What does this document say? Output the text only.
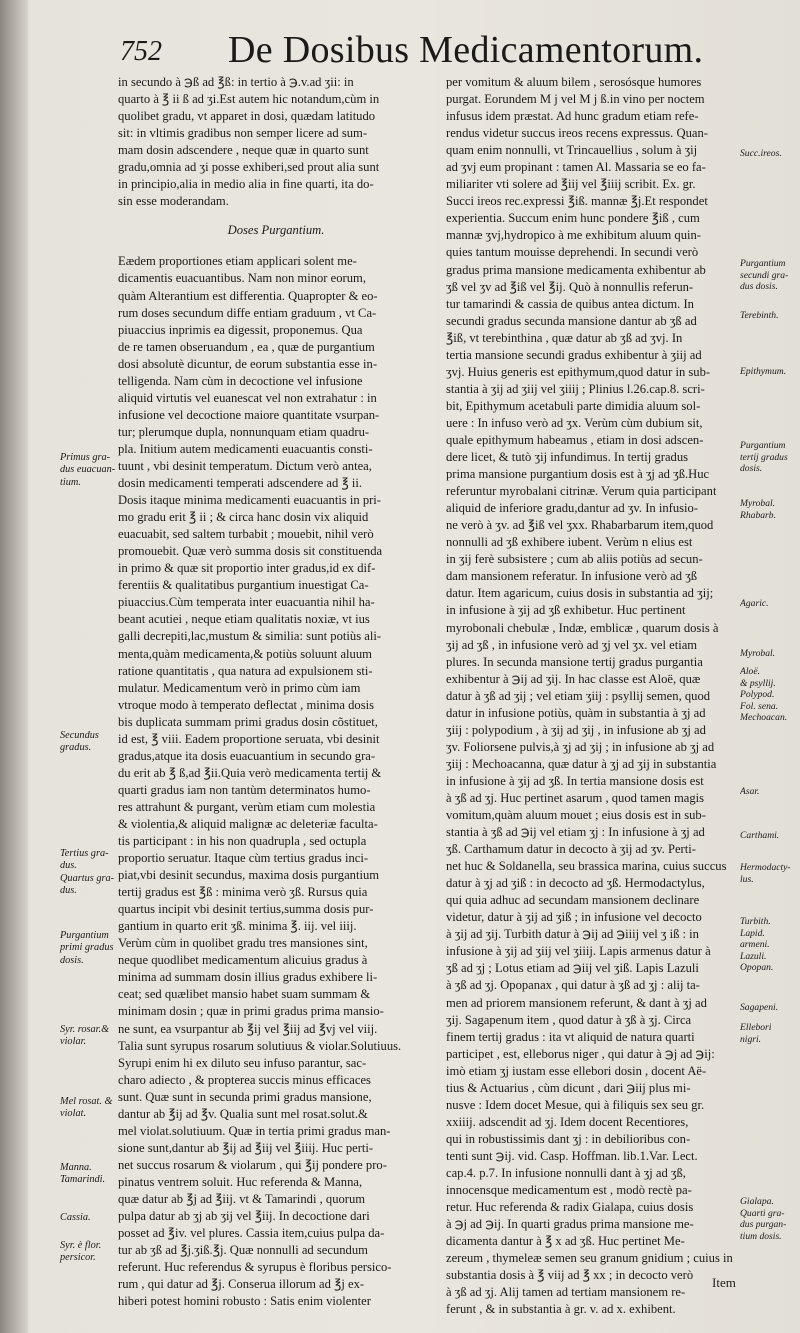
752 De Dosibus Medicamentorum.
in secundo à ℈ß ad ℥ß: in tertio à ℈.v.ad ʒii: in
quarto à ℥ ii ß ad ʒi.Est autem hic notandum,cùm in
quolibet gradu, vt apparet in dosi, quædam latitudo
sit: in vltimis gradibus non semper licere ad sum-
mam dosin adscendere , neque quæ in quarto sunt
gradu,omnia ad ʒi posse exhiberi,sed prout alia sunt
in principio,alia in medio alia in fine quarti, ita do-
sin esse moderandam.

Doses Purgantium.

Eædem proportiones etiam applicari solent me-
dicamentis euacuantibus. Nam non minor eorum,
quàm Alterantium est differentia. Quapropter & eo-
rum doses secundum diffe entiam graduum , vt Ca-
piuaccius inprimis ea digessit, proponemus. Qua
de re tamen obseruandum , ea , quæ de purgantium
dosi absolutè dicuntur, de eorum substantia esse in-
telligenda. Nam cùm in decoctione vel infusione
aliquid virtutis vel euanescat vel non extrahatur : in
infusione vel decoctione maiore quantitate vsurpan-
tur; plerumque dupla, nonnunquam etiam quadru-
pla. Initium autem medicamenti euacuantis consti-
tuunt , vbi desinit temperatum. Dictum verò antea,
dosin medicamenti temperati adscendere ad ℥ ii.
Dosis itaque minima medicamenti euacuantis in pri-
mo gradu erit ℥ ii ; & circa hanc dosin vix aliquid
euacuabit, sed saltem turbabit ; mouebit, nihil verò
promouebit. Quæ verò summa dosis sit constituenda
in primo & quæ sit proportio inter gradus,id ex dif-
ferentiis & qualitatibus purgantium inuestigat Ca-
piuaccius.Cùm temperata inter euacuantia nihil ha-
beant acutiei , neque etiam qualitatis noxiæ, vt ius
galli decrepiti,lac,mustum & similia: sunt potiùs ali-
menta,quàm medicamenta,& potiùs soluunt aluum
ratione quantitatis , qua natura ad expulsionem sti-
mulatur. Medicamentum verò in primo cùm iam
vtroque modo à temperato deflectat , minima dosis
bis duplicata summam primi gradus dosin cõstituet,
id est, ℥ viii. Eadem proportione seruata, vbi desinit
gradus,atque ita dosis euacuantium in secundo gra-
du erit ab ℥ ß,ad ℥ii.Quia verò medicamenta tertij &
quarti gradus iam non tantùm determinatos humo-
res attrahunt & purgant, verùm etiam cum molestia
& violentia,& aliquid malignæ ac deleteriæ faculta-
tis participant : in his non quadrupla , sed octupla
proportio seruatur. Itaque cùm tertius gradus inci-
piat,vbi desinit secundus, maxima dosis purgantium
tertij gradus est ℥ß : minima verò ʒß. Rursus quia
quartus incipit vbi desinit tertius,summa dosis pur-
gantium in quarto erit ʒß. minima ℥. iij. vel iiij.
Verùm cùm in quolibet gradu tres mansiones sint,
neque quodlibet medicamentum alicuius gradus à
minima ad summam dosin illius gradus exhibere li-
ceat; sed quælibet mansio habet suam summam &
minimam dosin ; quæ in primi gradus prima mansio-
ne sunt, ea vsurpantur ab ℥ij vel ℥iij ad ℥vj vel viij.
Talia sunt syrupus rosarum solutiuus & violar.Solutiuus.
Syrupi enim hi ex diluto seu infuso parantur, sac-
charo adiecto , & propterea succis minus efficaces
sunt. Quæ sunt in secunda primi gradus mansione,
dantur ab ℥ij ad ℥v. Qualia sunt mel rosat.solut.&
mel violat.solutiuum. Quæ in tertia primi gradus man-
sione sunt,dantur ab ℥ij ad ℥iij vel ℥iiij. Huc perti-
net succus rosarum & violarum , qui ℥ij pondere pro-
pinatus ventrem soluit. Huc referenda & Manna,
quæ datur ab ℥j ad ℥iij. vt & Tamarindi , quorum
pulpa datur ab ʒj ab ʒij vel ℥iij. In decoctione dari
posset ad ℥iv. vel plures. Cassia item,cuius pulpa da-
tur ab ʒß ad ℥j.ʒiß.℥j. Quæ nonnulli ad secundum
referunt. Huc referendus & syrupus è floribus persico-
rum , qui datur ad ℥j. Conserua illorum ad ℥j ex-
hiberi potest homini robusto : Satis enim violenter
per vomitum & aluum bilem , serosósque humores
purgat. Eorundem M j vel M j ß.in vino per noctem
infusus idem præstat. Ad hunc gradum etiam refe-
rendus videtur succus ireos recens expressus. Quan-
quam enim nonnulli, vt Trincauellius , solum à ʒij
ad ʒvj eum propinant : tamen Al. Massaria se eo fa-
miliariter vti solere ad ℥iij vel ℥iiij scribit. Ex. gr.
Succi ireos rec.expressi ℥iß. mannæ ℥j.Et respondet
experientia. Succum enim hunc pondere ℥iß , cum
mannæ ʒvj,hydropico à me exhibitum aluum quin-
quies tantum mouisse deprehendi. In secundi verò
gradus prima mansione medicamenta exhibentur ab
ʒß vel ʒv ad ℥iß vel ℥ij. Quò à nonnullis referun-
tur tamarindi & cassia de quibus antea dictum. In
secundi gradus secunda mansione dantur ab ʒß ad
℥iß, vt terebinthina , quæ datur ab ʒß ad ʒvj. In
tertia mansione secundi gradus exhibentur à ʒiij ad
ʒvj. Huius generis est epithymum,quod datur in sub-
stantia à ʒij ad ʒiij vel ʒiiij ; Plinius l.26.cap.8. scri-
bit, Epithymum acetabuli parte dimidia aluum sol-
uere : In infuso verò ad ʒx. Verùm cùm dubium sit,
quale epithymum habeamus , etiam in dosi adscen-
dere licet, & tutò ʒij infundimus. In tertij gradus
prima mansione purgantium dosis est à ʒj ad ʒß.Huc
referuntur myrobalani citrinæ. Verum quia participant
aliquid de inferiore gradu,dantur ad ʒv. In infusio-
ne verò à ʒv. ad ℥iß vel ʒxx. Rhabarbarum item,quod
nonnulli ad ʒß exhibere iubent. Verùm n elius est
in ʒij ferè subsistere ; cum ab aliis potiùs ad secun-
dam mansionem referatur. In infusione verò ad ʒß
datur. Item agaricum, cuius dosis in substantia ad ʒij;
in infusione à ʒij ad ʒß exhibetur. Huc pertinent
myrobonali chebulæ , Indæ, emblicæ , quarum dosis à
ʒij ad ʒß , in infusione verò ad ʒj vel ʒx. vel etiam
plures. In secunda mansione tertij gradus purgantia
exhibentur à ℈ij ad ʒij. In hac classe est Aloë, quæ
datur à ʒß ad ʒij ; vel etiam ʒiij : psyllij semen, quod
datur in infusione potiùs, quàm in substantia à ʒj ad
ʒiij : polypodium , à ʒij ad ʒij , in infusione ab ʒj ad
ʒv. Foliorsene pulvis,à ʒj ad ʒij ; in infusione ab ʒj ad
ʒiij : Mechoacanna, quæ datur à ʒj ad ʒij in substantia
in infusione à ʒij ad ʒß. In tertia mansione dosis est
à ʒß ad ʒj. Huc pertinet asarum , quod tamen magis
vomitum,quàm aluum mouet ; eius dosis est in sub-
stantia à ʒß ad ℈ij vel etiam ʒj : In infusione à ʒj ad
ʒß. Carthamum datur in decocto à ʒij ad ʒv. Perti-
net huc & Soldanella, seu brassica marina, cuius succus
datur à ʒj ad ʒiß : in decocto ad ʒß. Hermodactylus,
qui quia adhuc ad secundam mansionem declinare
videtur, datur à ʒij ad ʒiß ; in infusione vel decocto
à ʒij ad ʒij. Turbith datur à ℈ij ad ℈iiij vel ʒ iß : in
infusione à ʒij ad ʒiij vel ʒiiij. Lapis armenus datur à
ʒß ad ʒj ; Lotus etiam ad ℈iij vel ʒiß. Lapis Lazuli
à ʒß ad ʒj. Opopanax , qui datur à ʒß ad ʒj : alij ta-
men ad priorem mansionem referunt, & dant à ʒj ad
ʒij. Sagapenum item , quod datur à ʒß à ʒj. Circa
finem tertij gradus : ita vt aliquid de natura quarti
participet , est, elleborus niger , qui datur à ℈j ad ℈ij:
imò etiam ʒj iustam esse ellebori dosin , docent Aë-
tius & Actuarius , cùm dicunt , dari ℈iij plus mi-
nusve : Idem docet Mesue, qui à filiquis sex seu gr.
xxiiij. adscendit ad ʒj. Idem docent Recentiores,
qui in robustissimis dant ʒj : in debilioribus con-
tenti sunt ℈ij. vid. Casp. Hoffman. lib.1.Var. Lect.
cap.4. p.7. In infusione nonnulli dant à ʒj ad ʒß,
innocensque medicamentum est , modò rectè pa-
retur. Huc referenda & radix Gialapa, cuius dosis
à ℈j ad ℈ij. In quarti gradus prima mansione me-
dicamenta dantur à ℥ x ad ʒß. Huc pertinet Me-
zereum , thymeleæ semen seu granum gnidium ; cuius in
substantia dosis à ℥ viij ad ℥ xx ; in decocto verò
à ʒß ad ʒj. Alij tamen ad tertiam mansionem re-
ferunt , & in substantia à gr. v. ad x. exhibent.
Primus gra-
dus euacuan-
tium.
Secundus
gradus.
Tertius gra-
dus.
Quartus gra-
dus.
Purgantium
primi gradus
dosis.
Syr. rosar.&
violar.
Mel rosat. &
violat.
Manna.
Tamarindi.
Cassia.
Syr. è flor.
persicor.
Succ.ireos.
Purgantium
secundi gra-
dus dosis.
Terebinth.
Epithymum.
Purgantium
tertij gradus
dosis.
Myrobal.
Rhabarb.
Agaric.
Myrobal.
Aloë.
& psyllij.
Polypod.
Fol. sena.
Mechoacan.
Asar.
Carthami.
Hermodacty-
lus.
Turbith.
Lapid.
armeni.
Lazuli.
Opopan.
Sagapeni.
Ellebori
nigri.
Gialapa.
Quarti gra-
dus purgan-
tium dosis.
Item
